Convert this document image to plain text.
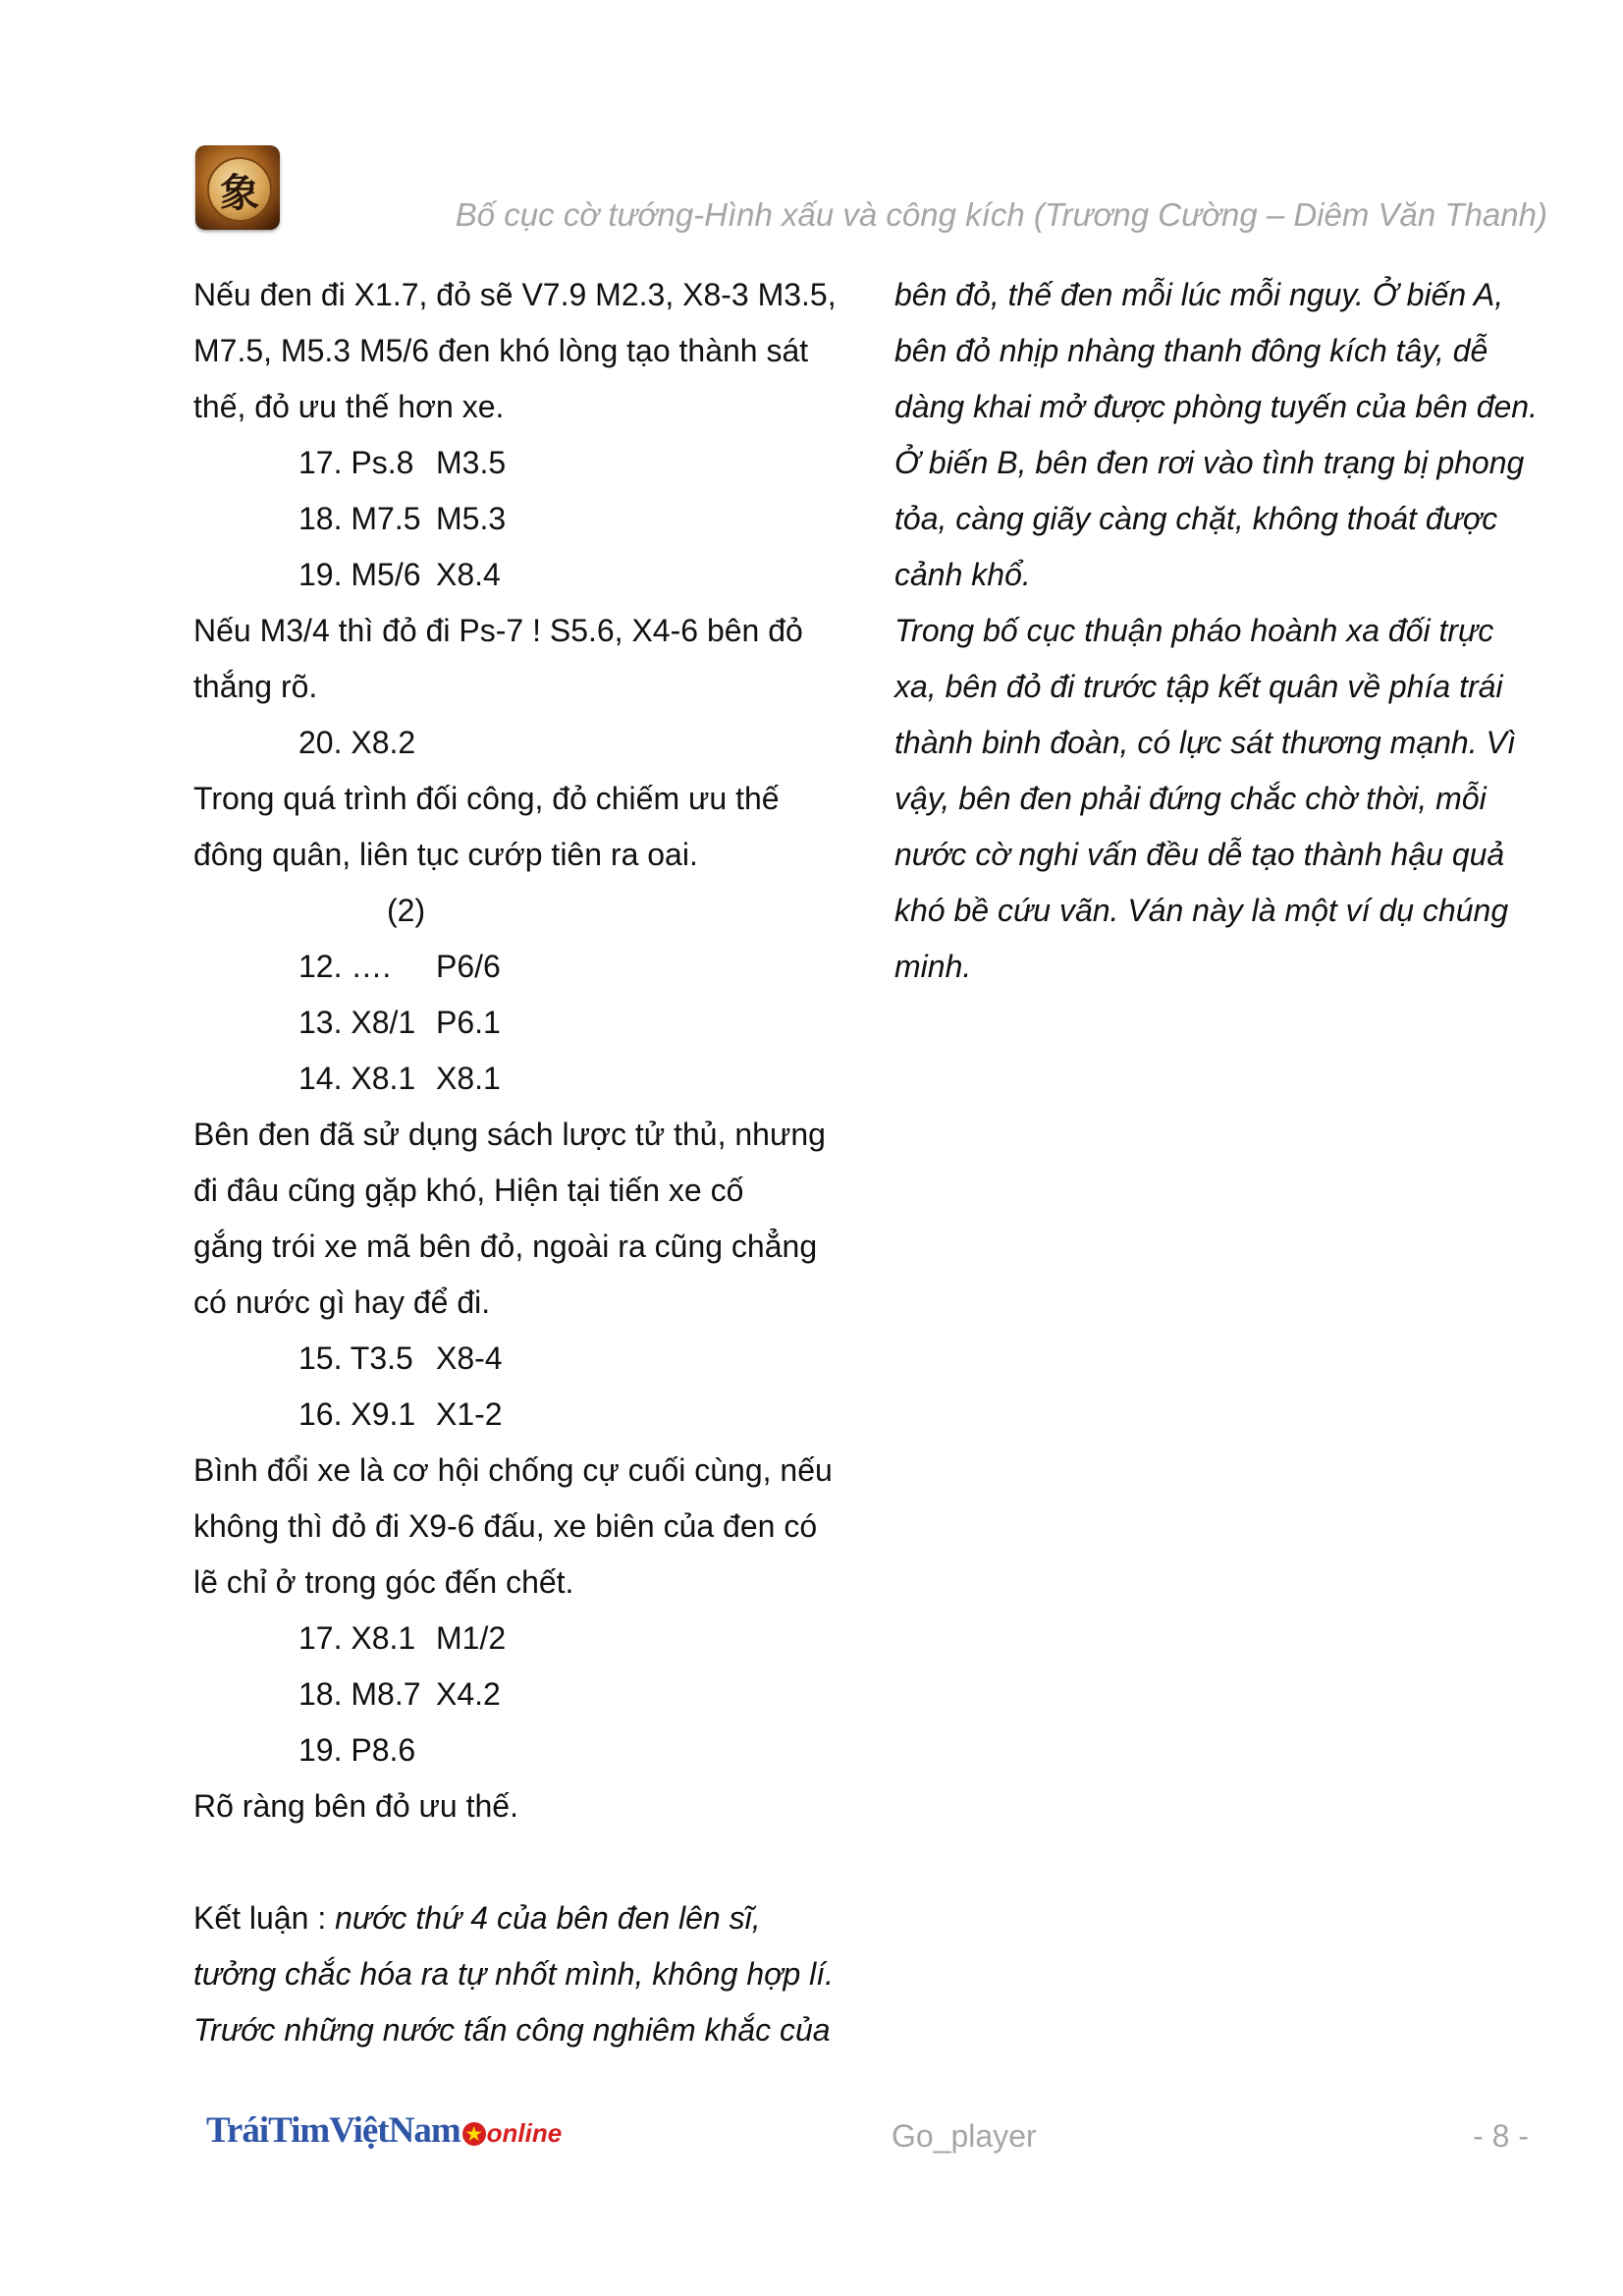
象	Bố cục cờ tướng-Hình xấu và công kích (Trương Cường – Diêm Văn Thanh)

Nếu đen đi X1.7, đỏ sẽ V7.9 M2.3, X8-3 M3.5,

M7.5, M5.3 M5/6 đen khó lòng tạo thành sát

thế, đỏ ưu thế hơn xe.

17. Ps.8 M3.5

18. M7.5 M5.3

19. M5/6 X8.4

Nếu M3/4 thì đỏ đi Ps-7 ! S5.6, X4-6 bên đỏ

thắng rõ.

20. X8.2

Trong quá trình đối công, đỏ chiếm ưu thế

đông quân, liên tục cướp tiên ra oai.

(2)

12. …. P6/6

13. X8/1 P6.1

14. X8.1 X8.1

Bên đen đã sử dụng sách lược tử thủ, nhưng

đi đâu cũng gặp khó, Hiện tại tiến xe cố

gắng trói xe mã bên đỏ, ngoài ra cũng chẳng

có nước gì hay để đi.

15. T3.5 X8-4

16. X9.1 X1-2

Bình đổi xe là cơ hội chống cự cuối cùng, nếu

không thì đỏ đi X9-6 đấu, xe biên của đen có

lẽ chỉ ở trong góc đến chết.

17. X8.1 M1/2

18. M8.7 X4.2

19. P8.6

Rõ ràng bên đỏ ưu thế.

Kết luận : nước thứ 4 của bên đen lên sĩ,

tưởng chắc hóa ra tự nhốt mình, không hợp lí.

Trước những nước tấn công nghiêm khắc của

bên đỏ, thế đen mỗi lúc mỗi nguy. Ở biến A,

bên đỏ nhịp nhàng thanh đông kích tây, dễ

dàng khai mở được phòng tuyến của bên đen.

Ở biến B, bên đen rơi vào tình trạng bị phong

tỏa, càng giãy càng chặt, không thoát được

cảnh khổ.

Trong bố cục thuận pháo hoành xa đối trực

xa, bên đỏ đi trước tập kết quân về phía trái

thành binh đoàn, có lực sát thương mạnh. Vì

vậy, bên đen phải đứng chắc chờ thời, mỗi

nước cờ nghi vấn đều dễ tạo thành hậu quả

khó bề cứu vãn. Ván này là một ví dụ chúng

minh.

TráiTimViệtNam ★ online	Go_player	- 8 -
